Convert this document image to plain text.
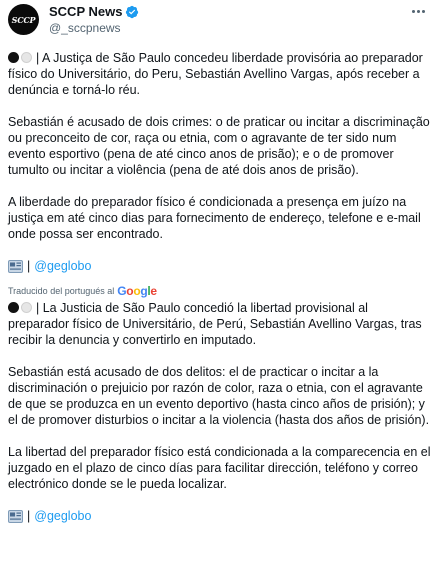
SCCP
SCCP News
@_sccpnews

| A Justiça de São Paulo concedeu liberdade provisória ao preparador físico do Universitário, do Peru, Sebastián Avellino Vargas, após receber a denúncia e torná-lo réu.

Sebastián é acusado de dois crimes: o de praticar ou incitar a discriminação ou preconceito de cor, raça ou etnia, com o agravante de ter sido num evento esportivo (pena de até cinco anos de prisão); e o de promover tumulto ou incitar a violência (pena de até dois anos de prisão).

A liberdade do preparador físico é condicionada a presença em juízo na justiça em até cinco dias para fornecimento de endereço, telefone e e-mail onde possa ser encontrado.

| @geglobo
Traducido del portugués al Google

| La Justicia de São Paulo concedió la libertad provisional al preparador físico de Universitário, de Perú, Sebastián Avellino Vargas, tras recibir la denuncia y convertirlo en imputado.

Sebastián está acusado de dos delitos: el de practicar o incitar a la discriminación o prejuicio por razón de color, raza o etnia, con el agravante de que se produzca en un evento deportivo (hasta cinco años de prisión); y el de promover disturbios o incitar a la violencia (hasta dos años de prisión).

La libertad del preparador físico está condicionada a la comparecencia en el juzgado en el plazo de cinco días para facilitar dirección, teléfono y correo electrónico donde se le pueda localizar.

| @geglobo
